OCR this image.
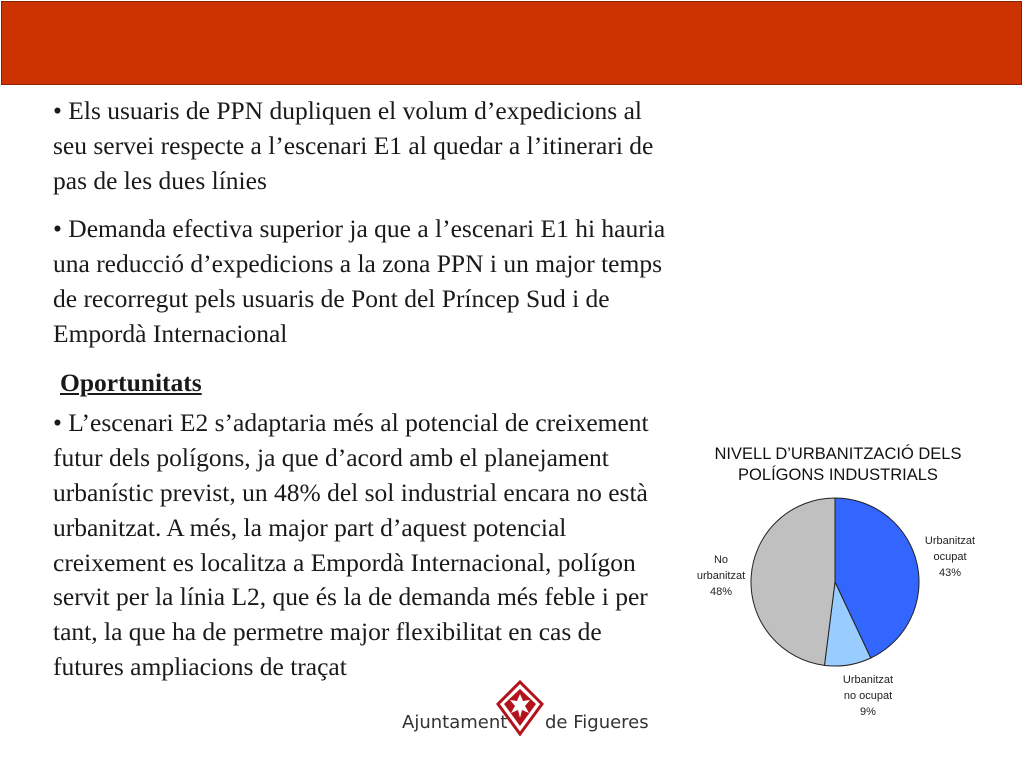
• Els usuaris de PPN dupliquen el volum d’expedicions al seu servei respecte a l’escenari E1 al quedar a l’itinerari de pas de les dues línies

• Demanda efectiva superior ja que a l’escenari E1 hi hauria una reducció d’expedicions a la zona PPN i un major temps de recorregut pels usuaris de Pont del Príncep Sud i de Empordà Internacional

Oportunitats

• L’escenari E2 s’adaptaria més al potencial de creixement futur dels polígons, ja que d’acord amb el planejament urbanístic previst, un 48% del sol industrial encara no està urbanitzat. A més, la major part d’aquest potencial creixement es localitza a Empordà Internacional, polígon servit per la línia L2, que és la de demanda més feble i per tant, la que ha de permetre major flexibilitat en cas de futures ampliacions de traçat

NIVELL D’URBANITZACIÓ DELS POLÍGONS INDUSTRIALS
Urbanitzat ocupat 43%
Urbanitzat no ocupat 9%
No urbanitzat 48%
Ajuntament de Figueres
